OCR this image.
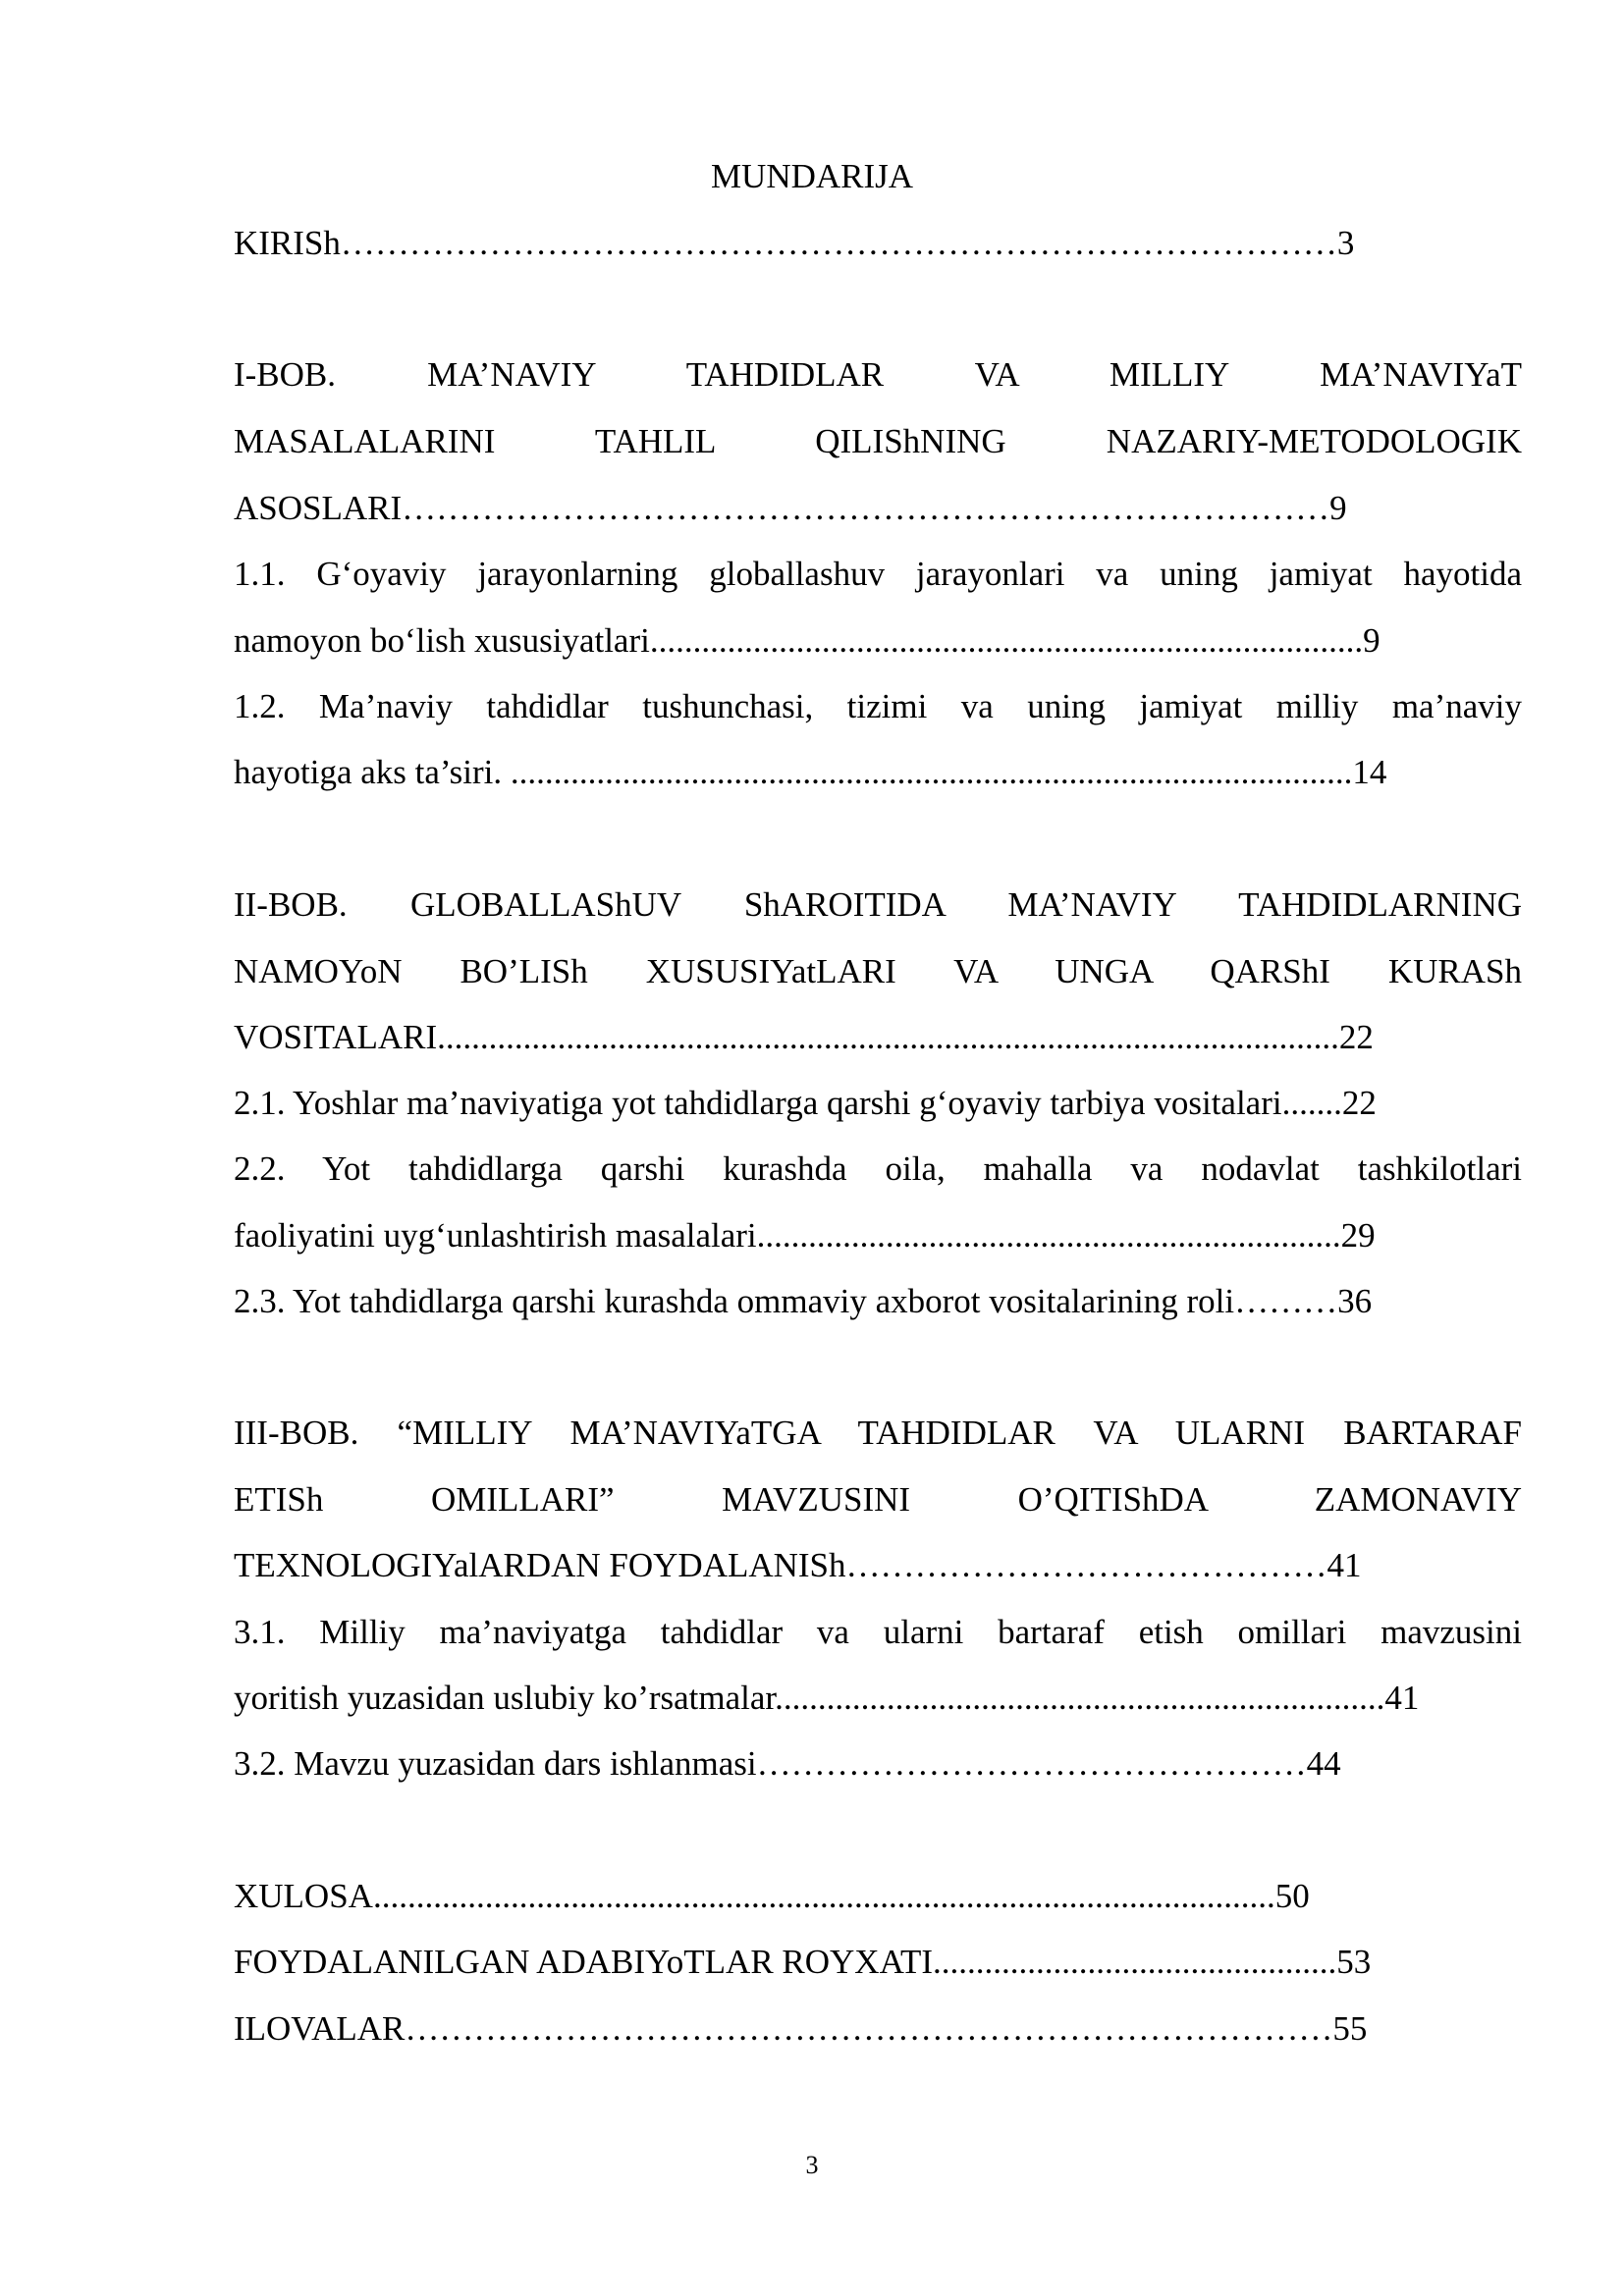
MUNDARIJA
KIRISh……………………………………………………………………………3
I-BOB. MA’NAVIY TAHDIDLAR VA MILLIY MA’NAVIYaT
MASALALARINI TAHLIL QILIShNING NAZARIY-METODOLOGIK
ASOSLARI………………………………………………………………………9
1.1. G‘oyaviy jarayonlarning globallashuv jarayonlari va uning jamiyat hayotida
namoyon bo‘lish xususiyatlari...................................................................................9
1.2. Ma’naviy tahdidlar tushunchasi, tizimi va uning jamiyat milliy ma’naviy
hayotiga aks ta’siri. ..................................................................................................14
II-BOB. GLOBALLAShUV ShAROITIDA MA’NAVIY TAHDIDLARNING
NAMOYoN BO’LISh XUSUSIYatLARI VA UNGA QARShI KURASh
VOSITALARI.........................................................................................................22
2.1. Yoshlar ma’naviyatiga yot tahdidlarga qarshi g‘oyaviy tarbiya vositalari.......22
2.2. Yot tahdidlarga qarshi kurashda oila, mahalla va nodavlat tashkilotlari
faoliyatini uyg‘unlashtirish masalalari....................................................................29
2.3. Yot tahdidlarga qarshi kurashda ommaviy axborot vositalarining roli………36
III-BOB. “MILLIY MA’NAVIYaTGA TAHDIDLAR VA ULARNI BARTARAF
ETISh OMILLARI” MAVZUSINI O’QITIShDA ZAMONAVIY
TEXNOLOGIYalARDAN FOYDALANISh……………………………………41
3.1. Milliy ma’naviyatga tahdidlar va ularni bartaraf etish omillari mavzusini
yoritish yuzasidan uslubiy ko’rsatmalar.......................................................................41
3.2. Mavzu yuzasidan dars ishlanmasi…………………………………………44
XULOSA.........................................................................................................50
FOYDALANILGAN ADABIYoTLAR ROYXATI...............................................53
ILOVALAR………………………………………………………………………55
3
